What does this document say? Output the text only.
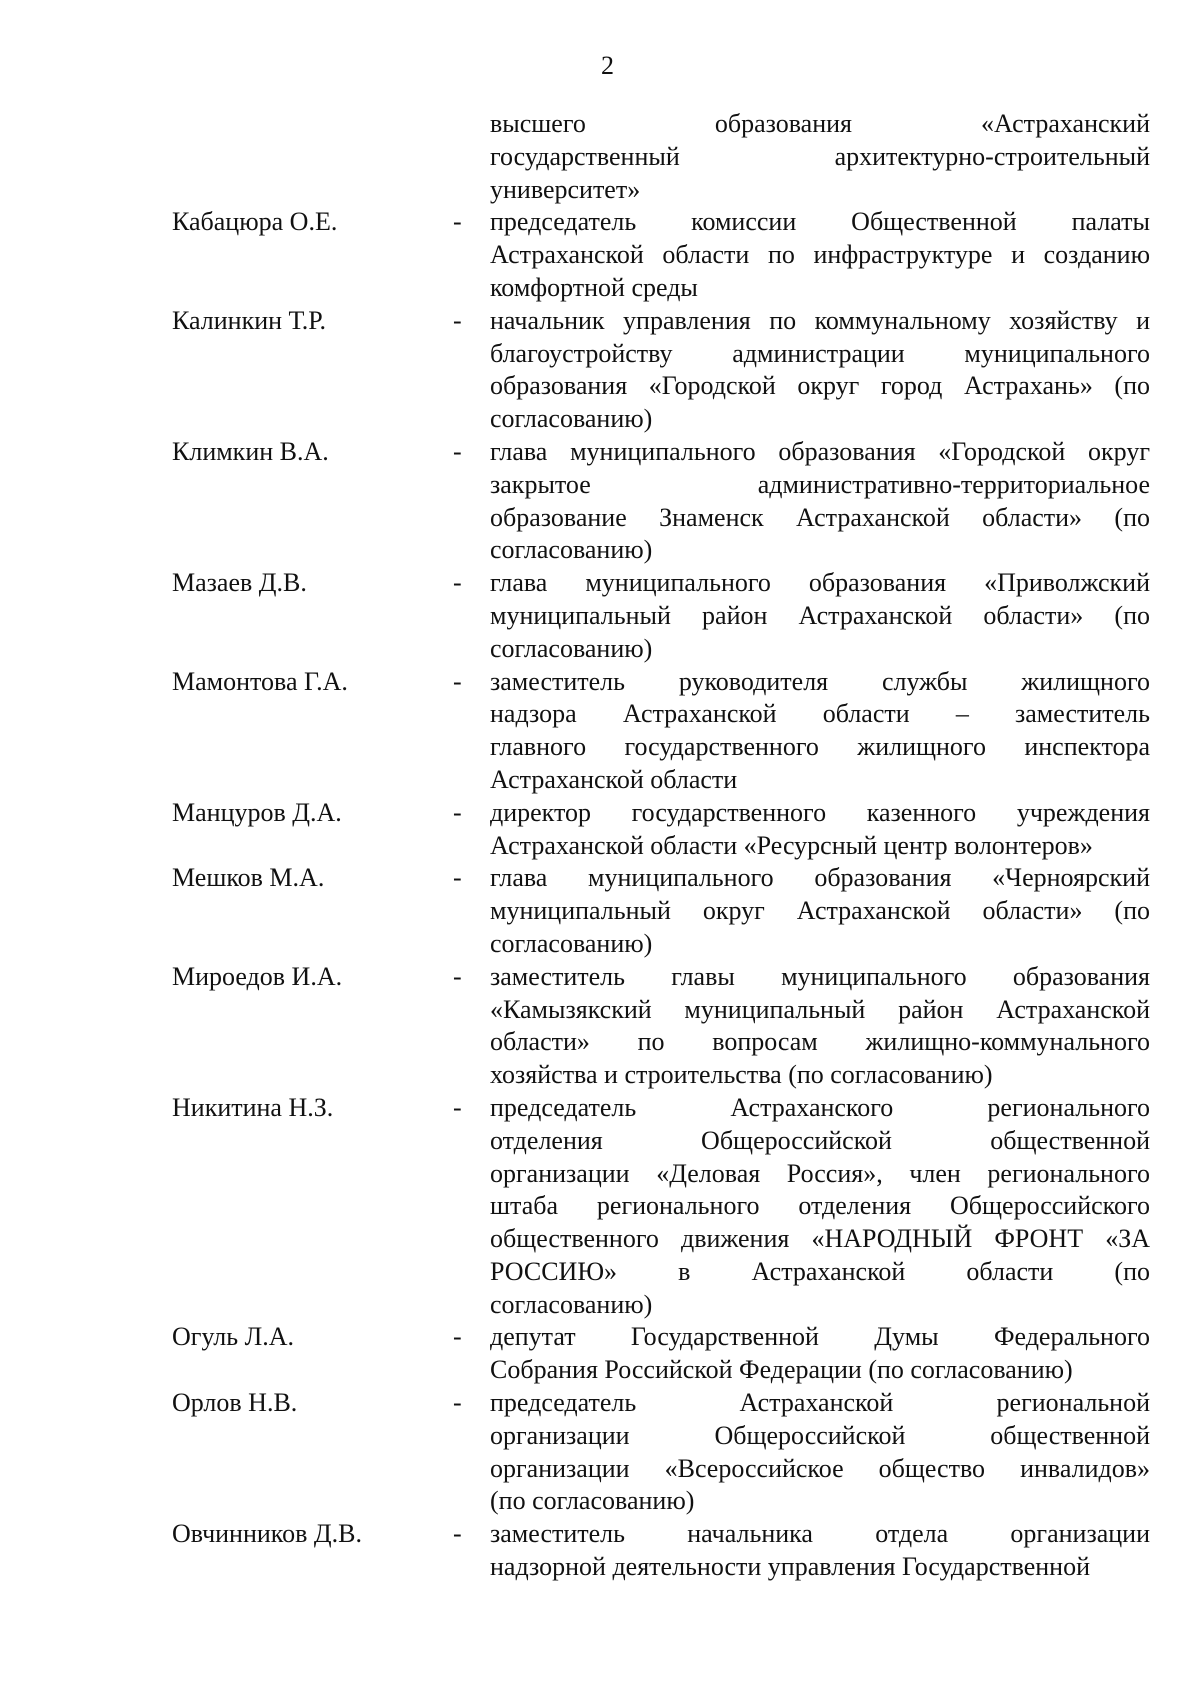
2
высшего образования «Астраханский
государственный архитектурно-строительный
университет»
Кабацюра О.Е.	- председатель комиссии Общественной палаты
Астраханской области по инфраструктуре и созданию
комфортной среды
Калинкин Т.Р.	- начальник управления по коммунальному хозяйству и
благоустройству администрации муниципального
образования «Городской округ город Астрахань» (по
согласованию)
Климкин В.А.	- глава муниципального образования «Городской округ
закрытое административно-территориальное
образование Знаменск Астраханской области» (по
согласованию)
Мазаев Д.В.	- глава муниципального образования «Приволжский
муниципальный район Астраханской области» (по
согласованию)
Мамонтова Г.А.	- заместитель руководителя службы жилищного
надзора Астраханской области – заместитель
главного государственного жилищного инспектора
Астраханской области
Манцуров Д.А.	- директор государственного казенного учреждения
Астраханской области «Ресурсный центр волонтеров»
Мешков М.А.	- глава муниципального образования «Черноярский
муниципальный округ Астраханской области» (по
согласованию)
Мироедов И.А.	- заместитель главы муниципального образования
«Камызякский муниципальный район Астраханской
области» по вопросам жилищно-коммунального
хозяйства и строительства (по согласованию)
Никитина Н.З.	- председатель Астраханского регионального
отделения Общероссийской общественной
организации «Деловая Россия», член регионального
штаба регионального отделения Общероссийского
общественного движения «НАРОДНЫЙ ФРОНТ «ЗА
РОССИЮ» в Астраханской области (по
согласованию)
Огуль Л.А.	- депутат Государственной Думы Федерального
Собрания Российской Федерации (по согласованию)
Орлов Н.В.	- председатель Астраханской региональной
организации Общероссийской общественной
организации «Всероссийское общество инвалидов»
(по согласованию)
Овчинников Д.В.	- заместитель начальника отдела организации
надзорной деятельности управления Государственной
